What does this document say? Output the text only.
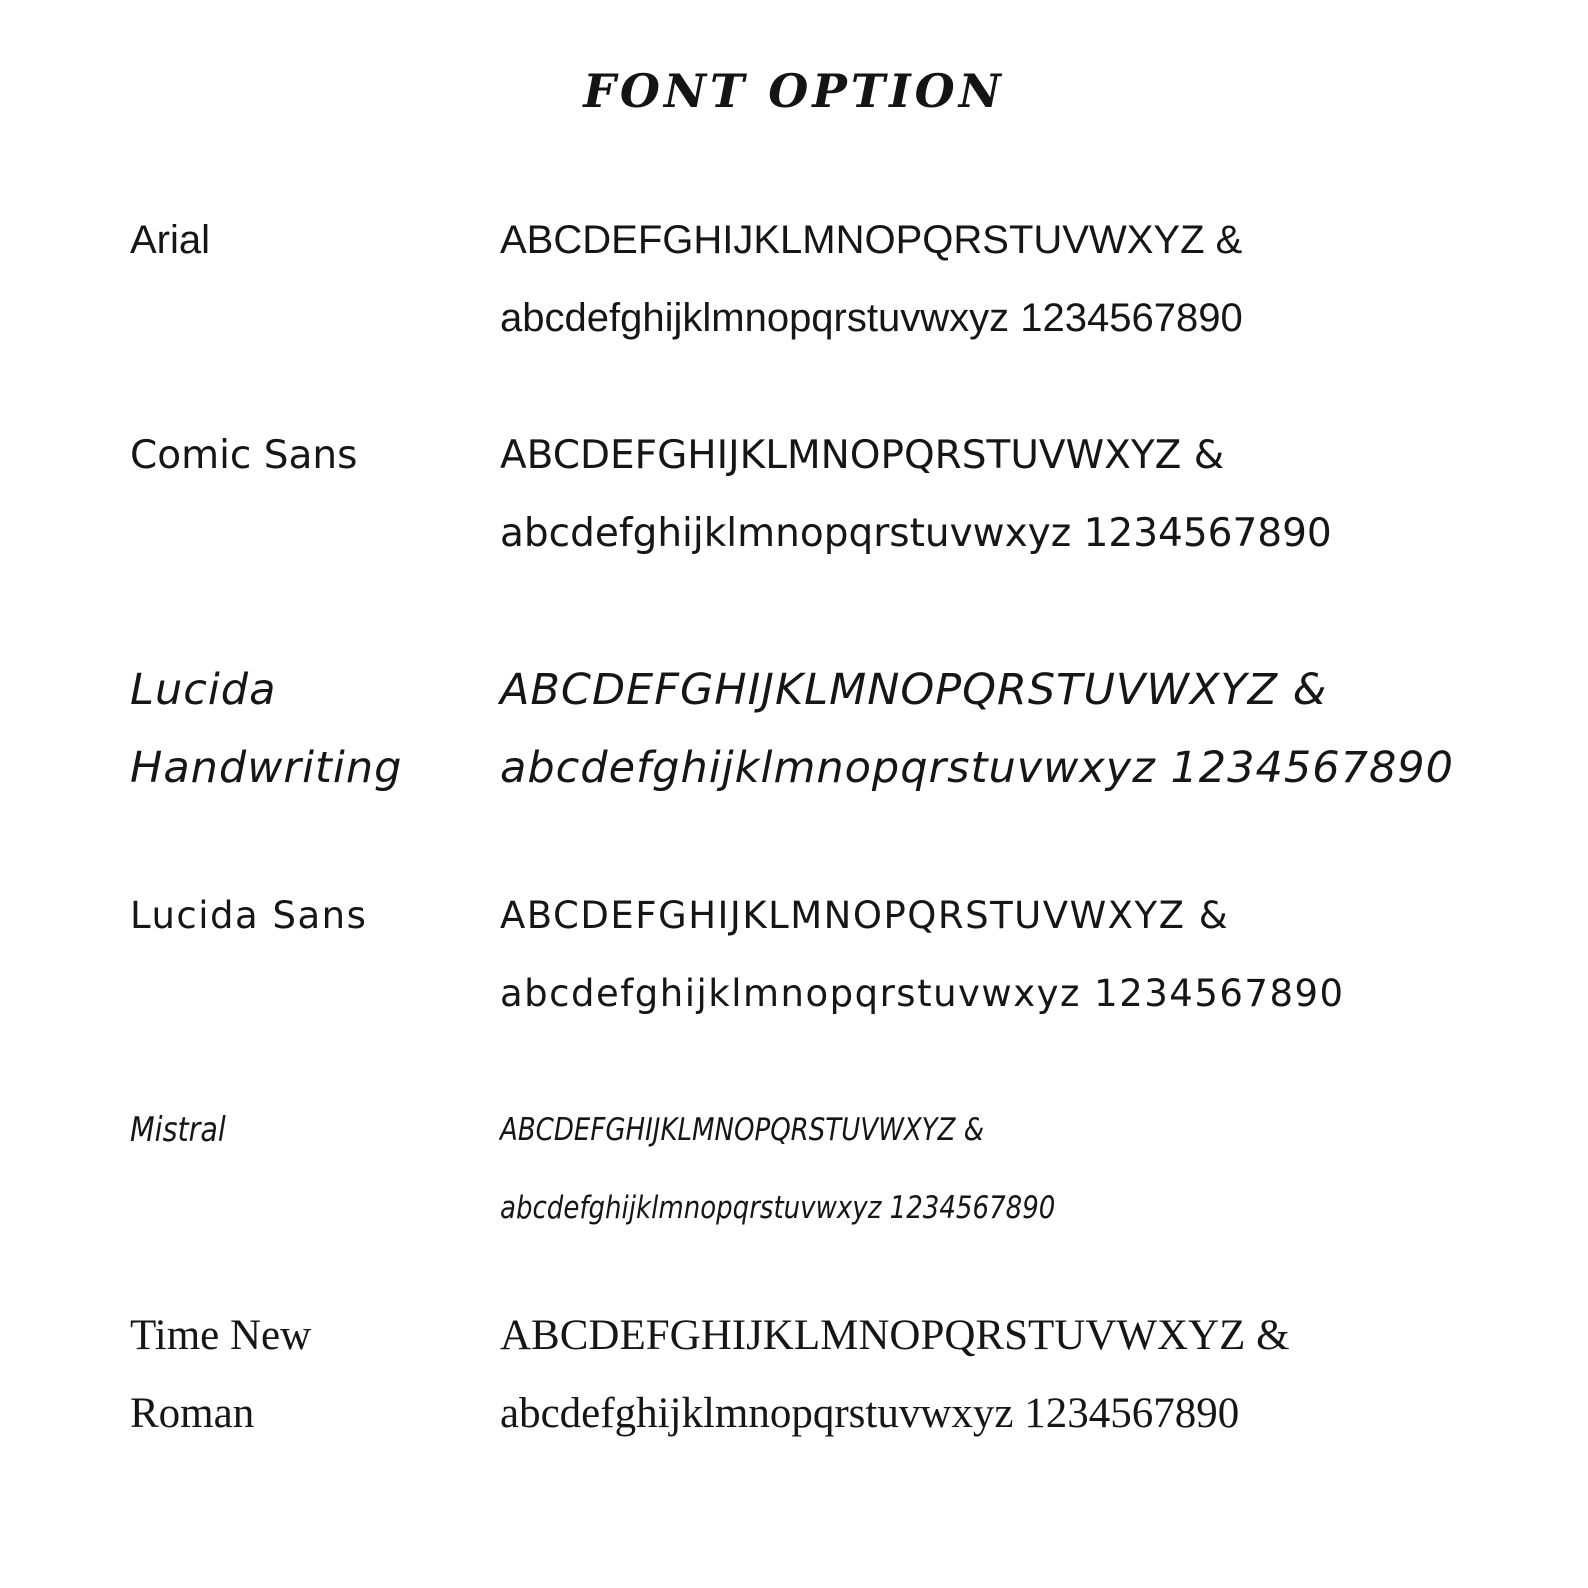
FONT OPTION
Arial	ABCDEFGHIJKLMNOPQRSTUVWXYZ &
abcdefghijklmnopqrstuvwxyz 1234567890
Comic Sans	ABCDEFGHIJKLMNOPQRSTUVWXYZ &
abcdefghijklmnopqrstuvwxyz 1234567890
Lucida	ABCDEFGHIJKLMNOPQRSTUVWXYZ &
Handwriting	abcdefghijklmnopqrstuvwxyz 1234567890
Lucida Sans	ABCDEFGHIJKLMNOPQRSTUVWXYZ &
abcdefghijklmnopqrstuvwxyz 1234567890
Mistral	ABCDEFGHIJKLMNOPQRSTUVWXYZ &
abcdefghijklmnopqrstuvwxyz 1234567890
Time New	ABCDEFGHIJKLMNOPQRSTUVWXYZ &
Roman	abcdefghijklmnopqrstuvwxyz 1234567890
